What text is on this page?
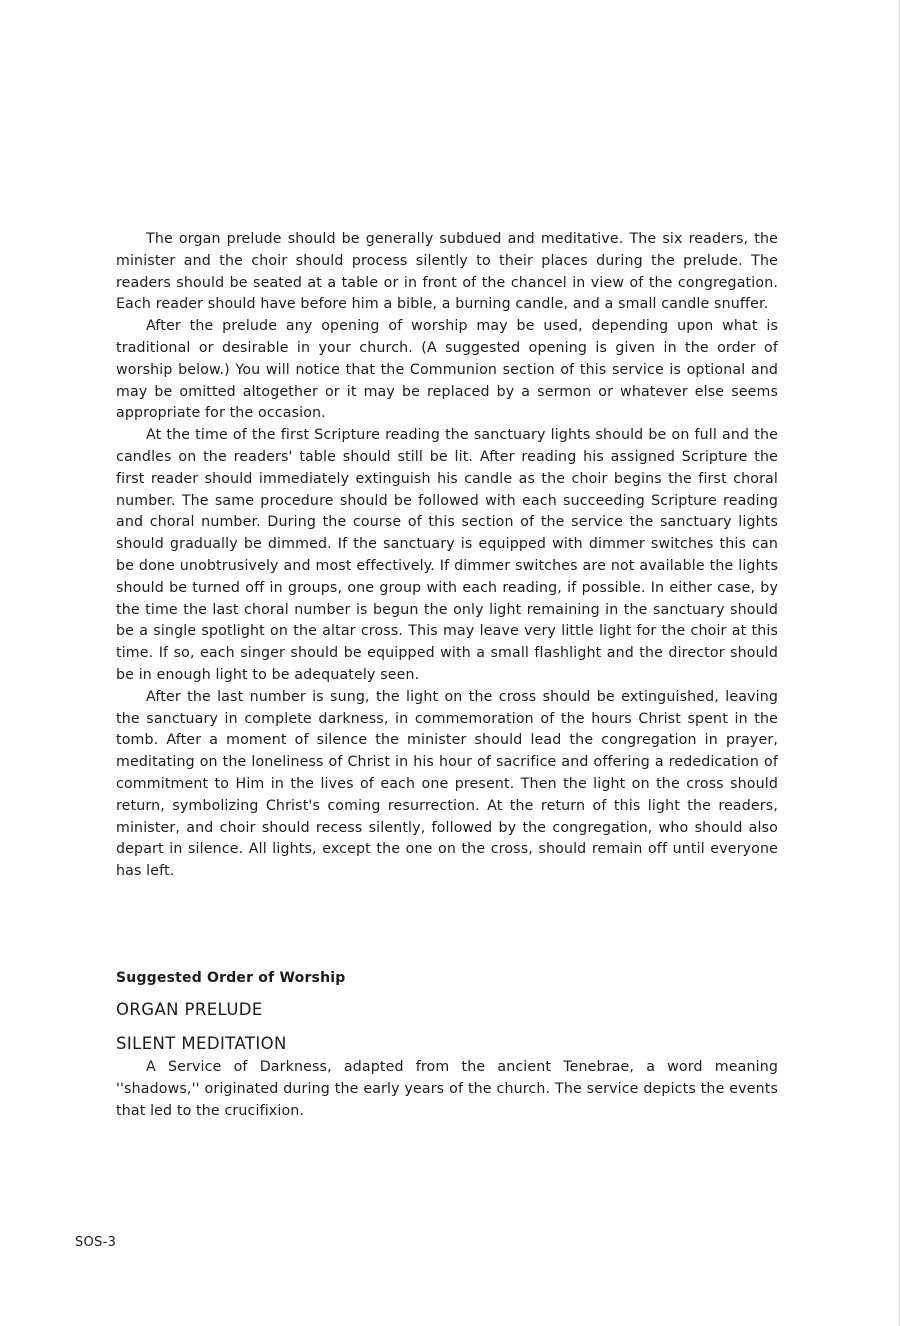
The organ prelude should be generally subdued and meditative. The six readers, the minister and the choir should process silently to their places during the prelude. The readers should be seated at a table or in front of the chancel in view of the congregation. Each reader should have before him a bible, a burning candle, and a small candle snuffer.

After the prelude any opening of worship may be used, depending upon what is traditional or desirable in your church. (A suggested opening is given in the order of worship below.) You will notice that the Communion section of this service is optional and may be omitted altogether or it may be replaced by a sermon or whatever else seems appropriate for the occasion.

At the time of the first Scripture reading the sanctuary lights should be on full and the candles on the readers' table should still be lit. After reading his assigned Scripture the first reader should immediately extinguish his candle as the choir begins the first choral number. The same procedure should be followed with each succeeding Scripture reading and choral number. During the course of this section of the service the sanctuary lights should gradually be dimmed. If the sanctuary is equipped with dimmer switches this can be done unobtrusively and most effectively. If dimmer switches are not available the lights should be turned off in groups, one group with each reading, if possible. In either case, by the time the last choral number is begun the only light remaining in the sanctuary should be a single spotlight on the altar cross. This may leave very little light for the choir at this time. If so, each singer should be equipped with a small flashlight and the director should be in enough light to be adequately seen.

After the last number is sung, the light on the cross should be extinguished, leaving the sanctuary in complete darkness, in commemoration of the hours Christ spent in the tomb. After a moment of silence the minister should lead the congregation in prayer, meditating on the loneliness of Christ in his hour of sacrifice and offering a rededication of commitment to Him in the lives of each one present. Then the light on the cross should return, symbolizing Christ's coming resurrection. At the return of this light the readers, minister, and choir should recess silently, followed by the congregation, who should also depart in silence. All lights, except the one on the cross, should remain off until everyone has left.

Suggested Order of Worship
ORGAN PRELUDE
SILENT MEDITATION

A Service of Darkness, adapted from the ancient Tenebrae, a word meaning ''shadows,'' originated during the early years of the church. The service depicts the events that led to the crucifixion.

SOS-3
